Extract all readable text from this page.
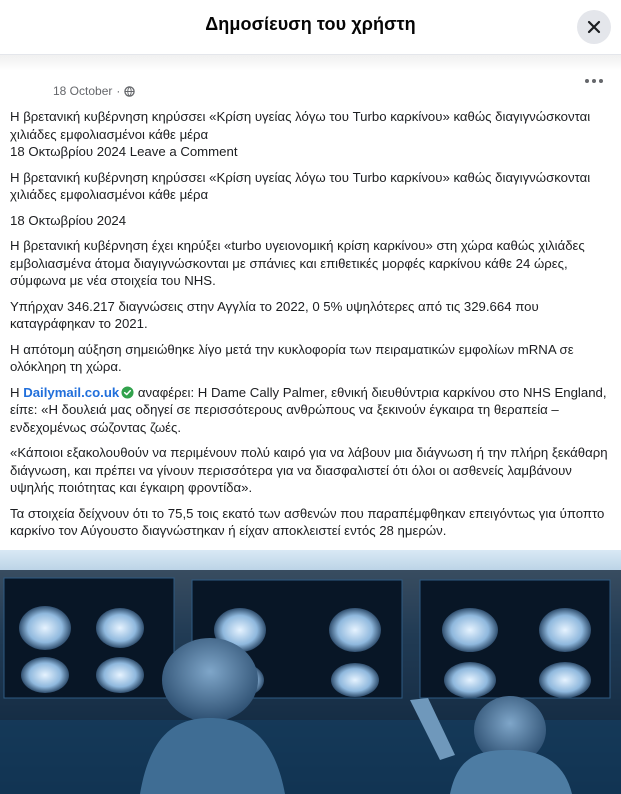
Δημοσίευση του χρήστη
18 October ·

Η βρετανική κυβέρνηση κηρύσσει «Κρίση υγείας λόγω του Turbo καρκίνου» καθώς διαγιγνώσκονται χιλιάδες εμφολιασμένοι κάθε μέρα

18 Οκτωβρίου 2024 Leave a Comment

Η βρετανική κυβέρνηση κηρύσσει «Κρίση υγείας λόγω του Turbo καρκίνου» καθώς διαγιγνώσκονται χιλιάδες εμφολιασμένοι κάθε μέρα

18 Οκτωβρίου 2024

Η βρετανική κυβέρνηση έχει κηρύξει «turbo υγειονομική κρίση καρκίνου» στη χώρα καθώς χιλιάδες εμβολιασμένα άτομα διαγιγνώσκονται με σπάνιες και επιθετικές μορφές καρκίνου κάθε 24 ώρες, σύμφωνα με νέα στοιχεία του NHS.

Υπήρχαν 346.217 διαγνώσεις στην Αγγλία το 2022, 0 5% υψηλότερες από τις 329.664 που καταγράφηκαν το 2021.

Η απότομη αύξηση σημειώθηκε λίγο μετά την κυκλοφορία των πειραματικών εμφολίων mRNA σε ολόκληρη τη χώρα.

Η Dailymail.co.uk αναφέρει: Η Dame Cally Palmer, εθνική διευθύντρια καρκίνου στο NHS England, είπε: «Η δουλειά μας οδηγεί σε περισσότερους ανθρώπους να ξεκινούν έγκαιρα τη θεραπεία – ενδεχομένως σώζοντας ζωές.

«Κάποιοι εξακολουθούν να περιμένουν πολύ καιρό για να λάβουν μια διάγνωση ή την πλήρη ξεκάθαρη διάγνωση, και πρέπει να γίνουν περισσότερα για να διασφαλιστεί ότι όλοι οι ασθενείς λαμβάνουν υψηλής ποιότητας και έγκαιρη φροντίδα».

Τα στοιχεία δείχνουν ότι το 75,5 τοις εκατό των ασθενών που παραπέμφθηκαν επειγόντως για ύποπτο καρκίνο τον Αύγουστο διαγνώστηκαν ή είχαν αποκλειστεί εντός 28 ημερών.
